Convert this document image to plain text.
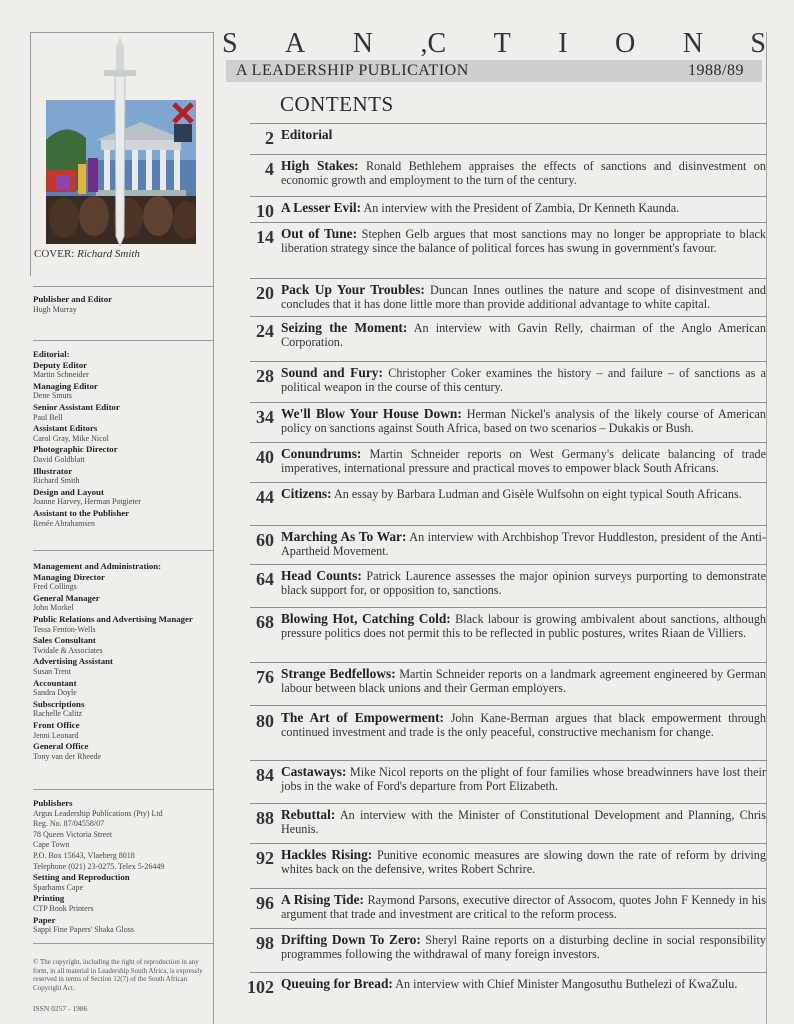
COVER: Richard Smith
Publisher and Editor
Hugh Murray
Editorial:
Deputy Editor
Martin Schneider
Managing Editor
Dene Smuts
Senior Assistant Editor
Paul Bell
Assistant Editors
Carol Gray, Mike Nicol
Photographic Director
David Goldblatt
Illustrator
Richard Smith
Design and Layout
Joanne Harvey, Herman Potgieter
Assistant to the Publisher
Renée Abrahamsen
Management and Administration:
Managing Director
Fred Collings
General Manager
John Morkel
Public Relations and Advertising Manager
Tessa Fenton-Wells
Sales Consultant
Twidale & Associates
Advertising Assistant
Susan Trent
Accountant
Sandra Doyle
Subscriptions
Rachelle Calitz
Front Office
Jenni Leonard
General Office
Tony van der Rheede
Publishers
Argus Leadership Publications (Pty) Ltd
Reg. No. 87/04558/07
78 Queen Victoria Street
Cape Town
P.O. Box 15643, Vlaeberg 8018
Telephone (021) 23-0275. Telex 5-26449
Setting and Reproduction
Sparhams Cape
Printing
CTP Book Printers
Paper
Sappi Fine Papers' Shaka Gloss
© The copyright, including the right of reproduction in any form, in all material in Leadership South Africa, is expressly reserved in terms of Section 12(7) of the South African Copyright Act.
ISSN 0257 - 1986
S A N ,C T I O N S
A LEADERSHIP PUBLICATION	1988/89
CONTENTS
2 Editorial
4 High Stakes: Ronald Bethlehem appraises the effects of sanctions and disinvestment on economic growth and employment to the turn of the century.
10 A Lesser Evil: An interview with the President of Zambia, Dr Kenneth Kaunda.
14 Out of Tune: Stephen Gelb argues that most sanctions may no longer be appropriate to black liberation strategy since the balance of political forces has swung in government's favour.
20 Pack Up Your Troubles: Duncan Innes outlines the nature and scope of disinvestment and concludes that it has done little more than provide additional advantage to white capital.
24 Seizing the Moment: An interview with Gavin Relly, chairman of the Anglo American Corporation.
28 Sound and Fury: Christopher Coker examines the history – and failure – of sanctions as a political weapon in the course of this century.
34 We'll Blow Your House Down: Herman Nickel's analysis of the likely course of American policy on sanctions against South Africa, based on two scenarios – Dukakis or Bush.
40 Conundrums: Martin Schneider reports on West Germany's delicate balancing of trade imperatives, international pressure and practical moves to empower black South Africans.
44 Citizens: An essay by Barbara Ludman and Gisèle Wulfsohn on eight typical South Africans.
60 Marching As To War: An interview with Archbishop Trevor Huddleston, president of the Anti-Apartheid Movement.
64 Head Counts: Patrick Laurence assesses the major opinion surveys purporting to demonstrate black support for, or opposition to, sanctions.
68 Blowing Hot, Catching Cold: Black labour is growing ambivalent about sanctions, although pressure politics does not permit this to be reflected in public postures, writes Riaan de Villiers.
76 Strange Bedfellows: Martin Schneider reports on a landmark agreement engineered by German labour between black unions and their German employers.
80 The Art of Empowerment: John Kane-Berman argues that black empowerment through continued investment and trade is the only peaceful, constructive mechanism for change.
84 Castaways: Mike Nicol reports on the plight of four families whose breadwinners have lost their jobs in the wake of Ford's departure from Port Elizabeth.
88 Rebuttal: An interview with the Minister of Constitutional Development and Planning, Chris Heunis.
92 Hackles Rising: Punitive economic measures are slowing down the rate of reform by driving whites back on the defensive, writes Robert Schrire.
96 A Rising Tide: Raymond Parsons, executive director of Assocom, quotes John F Kennedy in his argument that trade and investment are critical to the reform process.
98 Drifting Down To Zero: Sheryl Raine reports on a disturbing decline in social responsibility programmes following the withdrawal of many foreign investors.
102 Queuing for Bread: An interview with Chief Minister Mangosuthu Buthelezi of KwaZulu.
